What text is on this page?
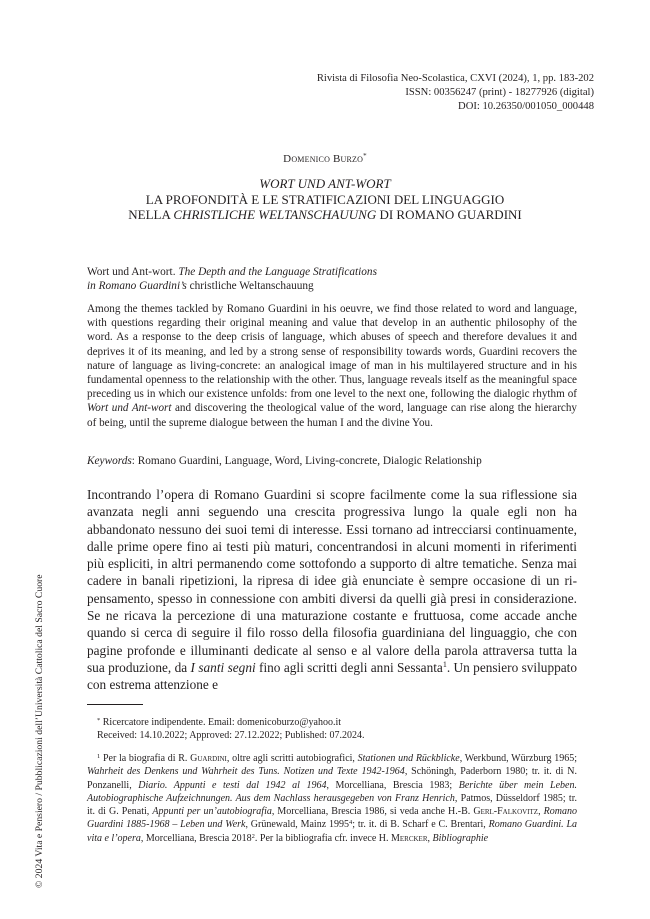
Rivista di Filosofia Neo-Scolastica, CXVI (2024), 1, pp. 183-202
ISSN: 00356247 (print) - 18277926 (digital)
DOI: 10.26350/001050_000448
Domenico Burzo*
WORT UND ANT-WORT
LA PROFONDITÀ E LE STRATIFICAZIONI DEL LINGUAGGIO
NELLA CHRISTLICHE WELTANSCHAUUNG DI ROMANO GUARDINI
Wort und Ant-wort. The Depth and the Language Stratifications
in Romano Guardini’s christliche Weltanschauung

Among the themes tackled by Romano Guardini in his oeuvre, we find those related to word and language, with questions regarding their original meaning and value that develop in an authentic philosophy of the word. As a response to the deep crisis of language, which abuses of speech and therefore devalues it and deprives it of its meaning, and led by a strong sense of responsibility towards words, Guardini recovers the nature of language as living-concrete: an analogical image of man in his multilayered structure and in his fundamental openness to the relationship with the other. Thus, language reveals itself as the meaningful space preceding us in which our existence unfolds: from one level to the next one, following the dialogic rhythm of Wort und Ant-wort and discovering the theological value of the word, language can rise along the hierarchy of being, until the supreme dialogue between the human I and the divine You.

Keywords: Romano Guardini, Language, Word, Living-concrete, Dialogic Relationship

Incontrando l’opera di Romano Guardini si scopre facilmente come la sua riflessione sia avanzata negli anni seguendo una crescita progressiva lungo la quale egli non ha abbandonato nessuno dei suoi temi di interesse. Essi tornano ad intrecciarsi continuamente, dalle prime opere fino ai testi più maturi, concentrandosi in alcuni momenti in riferimenti più espliciti, in altri permanendo come sottofondo a supporto di altre tematiche. Senza mai cadere in banali ripetizioni, la ripresa di idee già enunciate è sempre occasione di un ri-pensamento, spesso in connessione con ambiti diversi da quelli già presi in considerazione. Se ne ricava la percezione di una maturazione costante e fruttuosa, come accade anche quando si cerca di seguire il filo rosso della filosofia guardiniana del linguaggio, che con pagine profonde e illuminanti dedicate al senso e al valore della parola attraversa tutta la sua produzione, da I santi segni fino agli scritti degli anni Sessanta$^1$. Un pensiero sviluppato con estrema attenzione e

* Ricercatore indipendente. Email: domenicoburzo@yahoo.it
Received: 14.10.2022; Approved: 27.12.2022; Published: 07.2024.

$^1$ Per la biografia di R. Guardini, oltre agli scritti autobiografici, Stationen und Rückblicke, Werkbund, Würzburg 1965; Wahrheit des Denkens und Wahrheit des Tuns. Notizen und Texte 1942-1964, Schöningh, Paderborn 1980; tr. it. di N. Ponzanelli, Diario. Appunti e testi dal 1942 al 1964, Morcelliana, Brescia 1983; Berichte über mein Leben. Autobiographische Aufzeichnungen. Aus dem Nachlass herausgegeben von Franz Henrich, Patmos, Düsseldorf 1985; tr. it. di G. Penati, Appunti per un’autobiografia, Morcelliana, Brescia 1986, si veda anche H.-B. Gerl-Falkovitz, Romano Guardini 1885-1968 – Leben und Werk, Grünewald, Mainz 1995$^4$; tr. it. di B. Scharf e C. Brentari, Romano Guardini. La vita e l’opera, Morcelliana, Brescia 2018$^2$. Per la bibliografia cfr. invece H. Mercker, Bibliographie

© 2024 Vita e Pensiero / Pubblicazioni dell’Università Cattolica del Sacro Cuore
